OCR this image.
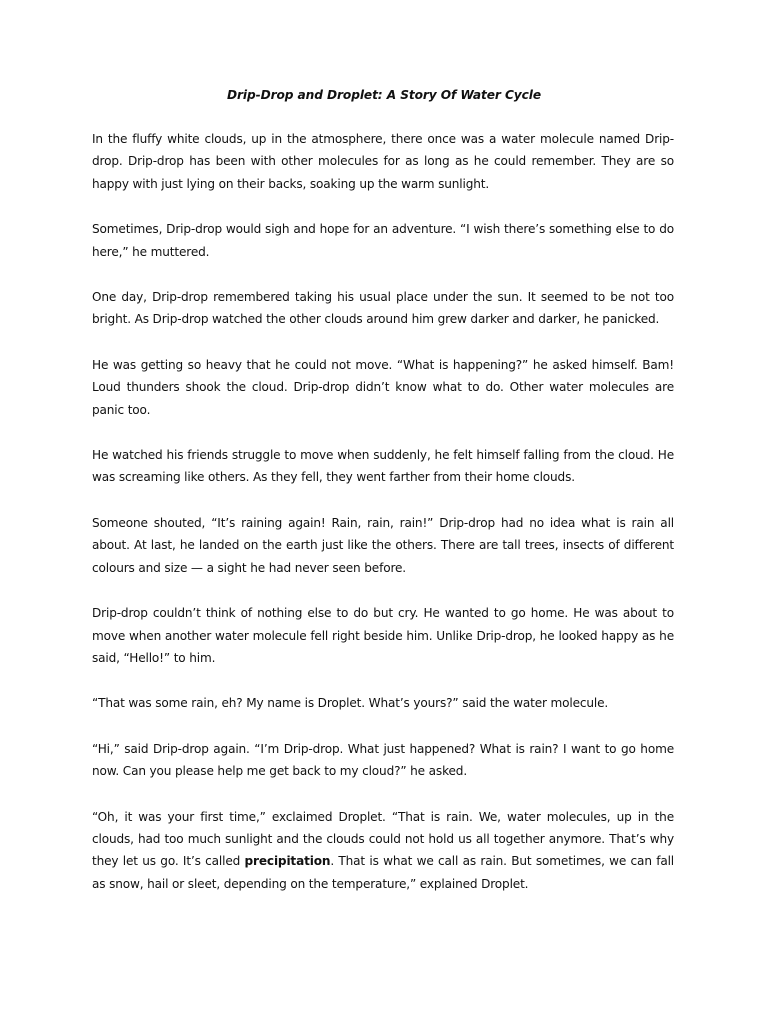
Drip-Drop and Droplet: A Story Of Water Cycle

In the fluffy white clouds, up in the atmosphere, there once was a water molecule named Drip-drop. Drip-drop has been with other molecules for as long as he could remember. They are so happy with just lying on their backs, soaking up the warm sunlight.

Sometimes, Drip-drop would sigh and hope for an adventure. “I wish there’s something else to do here,” he muttered.

One day, Drip-drop remembered taking his usual place under the sun. It seemed to be not too bright. As Drip-drop watched the other clouds around him grew darker and darker, he panicked.

He was getting so heavy that he could not move. “What is happening?” he asked himself. Bam! Loud thunders shook the cloud. Drip-drop didn’t know what to do. Other water molecules are panic too.

He watched his friends struggle to move when suddenly, he felt himself falling from the cloud. He was screaming like others. As they fell, they went farther from their home clouds.

Someone shouted, “It’s raining again! Rain, rain, rain!” Drip-drop had no idea what is rain all about. At last, he landed on the earth just like the others. There are tall trees, insects of different colours and size — a sight he had never seen before.

Drip-drop couldn’t think of nothing else to do but cry. He wanted to go home. He was about to move when another water molecule fell right beside him. Unlike Drip-drop, he looked happy as he said, “Hello!” to him.

“That was some rain, eh? My name is Droplet. What’s yours?” said the water molecule.

“Hi,” said Drip-drop again. “I’m Drip-drop. What just happened? What is rain? I want to go home now. Can you please help me get back to my cloud?” he asked.

“Oh, it was your first time,” exclaimed Droplet. “That is rain. We, water molecules, up in the clouds, had too much sunlight and the clouds could not hold us all together anymore. That’s why they let us go. It’s called precipitation. That is what we call as rain. But sometimes, we can fall as snow, hail or sleet, depending on the temperature,” explained Droplet.
